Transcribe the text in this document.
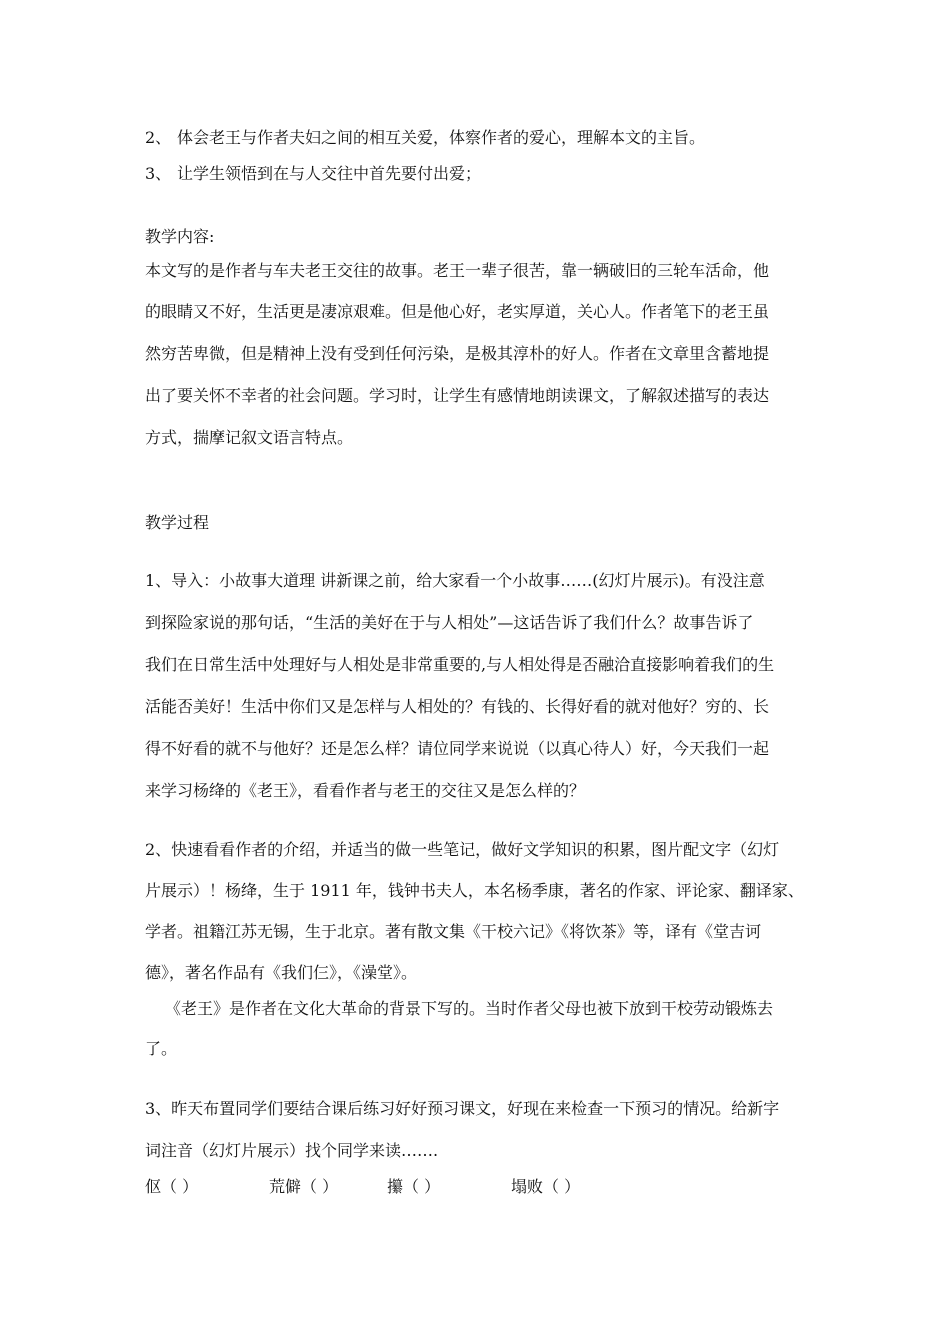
2、 体会老王与作者夫妇之间的相互关爱，体察作者的爱心，理解本文的主旨。
3、 让学生领悟到在与人交往中首先要付出爱；
教学内容:
本文写的是作者与车夫老王交往的故事。老王一辈子很苦，靠一辆破旧的三轮车活命，他
的眼睛又不好，生活更是凄凉艰难。但是他心好，老实厚道，关心人。作者笔下的老王虽
然穷苦卑微，但是精神上没有受到任何污染，是极其淳朴的好人。作者在文章里含蓄地提
出了要关怀不幸者的社会问题。学习时，让学生有感情地朗读课文，了解叙述描写的表达
方式，揣摩记叙文语言特点。
教学过程
1、导入：小故事大道理 讲新课之前，给大家看一个小故事……(幻灯片展示)。有没注意
到探险家说的那句话，“生活的美好在于与人相处”—这话告诉了我们什么？故事告诉了
我们在日常生活中处理好与人相处是非常重要的,与人相处得是否融洽直接影响着我们的生
活能否美好！生活中你们又是怎样与人相处的？有钱的、长得好看的就对他好？穷的、长
得不好看的就不与他好？还是怎么样？请位同学来说说（以真心待人）好，今天我们一起
来学习杨绛的《老王》，看看作者与老王的交往又是怎么样的？
2、快速看看作者的介绍，并适当的做一些笔记，做好文学知识的积累，图片配文字（幻灯
片展示）！杨绛，生于 1911 年，钱钟书夫人，本名杨季康，著名的作家、评论家、翻译家、
学者。祖籍江苏无锡，生于北京。著有散文集《干校六记》《将饮茶》等，译有《堂吉诃
德》，著名作品有《我们仨》，《澡堂》。
《老王》是作者在文化大革命的背景下写的。当时作者父母也被下放到干校劳动锻炼去
了。
3、昨天布置同学们要结合课后练习好好预习课文，好现在来检查一下预习的情况。给新字
词注音（幻灯片展示）找个同学来读…….
伛（ ）	荒僻（ ）	攥（ ）	塌败（ ）
